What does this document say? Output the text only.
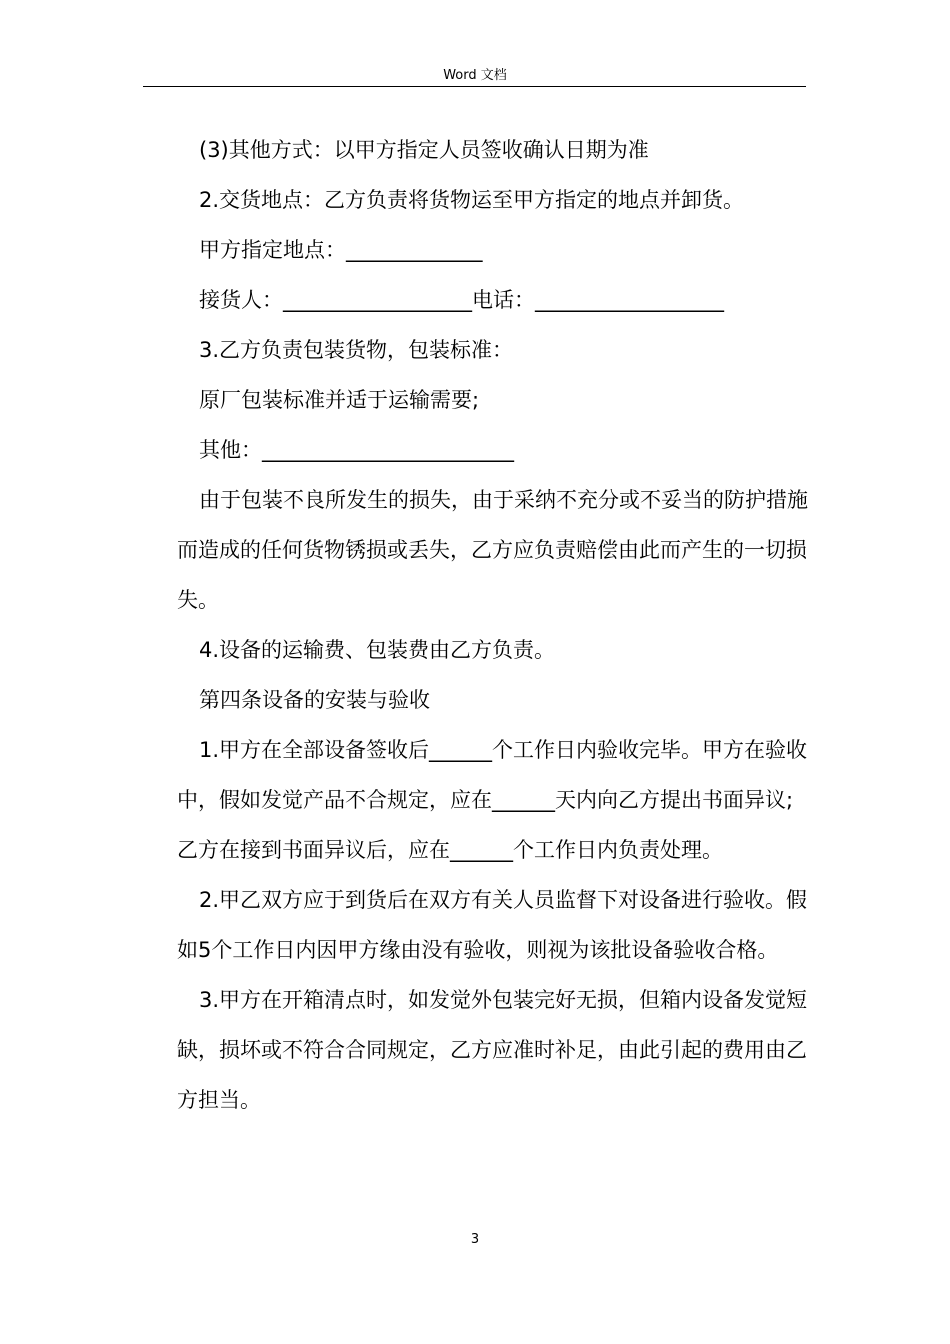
Word 文档

(3)其他方式：以甲方指定人员签收确认日期为准

2.交货地点：乙方负责将货物运至甲方指定的地点并卸货。

甲方指定地点：_____________

接货人：__________________电话：__________________

3.乙方负责包装货物，包装标准：

原厂包装标准并适于运输需要;

其他：________________________

由于包装不良所发生的损失，由于采纳不充分或不妥当的防护措施而造成的任何货物锈损或丢失，乙方应负责赔偿由此而产生的一切损失。

4.设备的运输费、包装费由乙方负责。

第四条设备的安装与验收

1.甲方在全部设备签收后______个工作日内验收完毕。甲方在验收中，假如发觉产品不合规定，应在______天内向乙方提出书面异议;乙方在接到书面异议后，应在______个工作日内负责处理。

2.甲乙双方应于到货后在双方有关人员监督下对设备进行验收。假如5个工作日内因甲方缘由没有验收，则视为该批设备验收合格。

3.甲方在开箱清点时，如发觉外包装完好无损，但箱内设备发觉短缺，损坏或不符合合同规定，乙方应准时补足，由此引起的费用由乙方担当。

3
